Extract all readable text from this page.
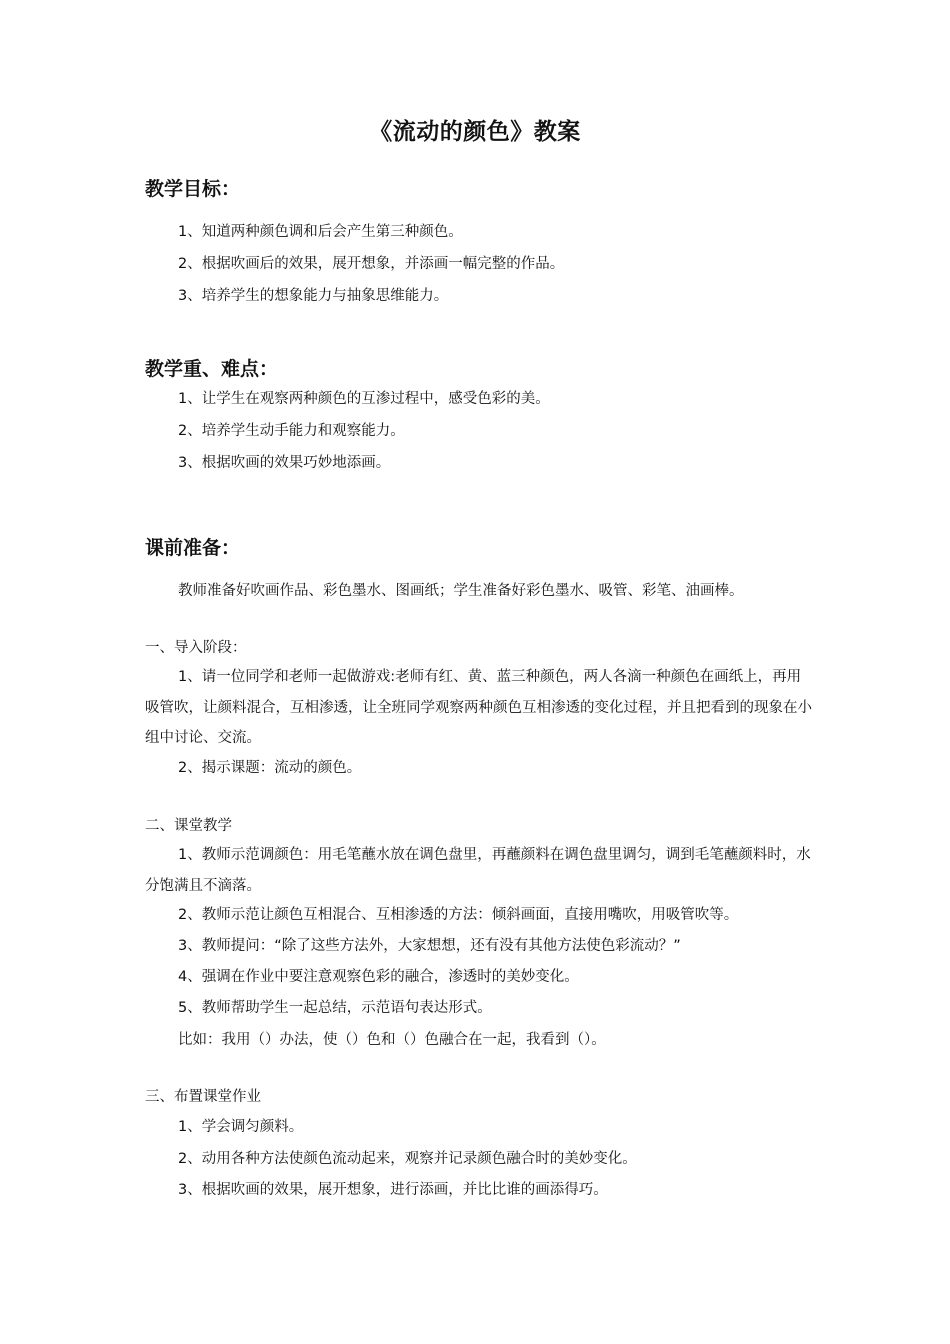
《流动的颜色》教案
教学目标：
1、知道两种颜色调和后会产生第三种颜色。
2、根据吹画后的效果，展开想象，并添画一幅完整的作品。
3、培养学生的想象能力与抽象思维能力。
教学重、难点：
1、让学生在观察两种颜色的互渗过程中，感受色彩的美。
2、培养学生动手能力和观察能力。
3、根据吹画的效果巧妙地添画。
课前准备：
教师准备好吹画作品、彩色墨水、图画纸；学生准备好彩色墨水、吸管、彩笔、油画棒。
一、导入阶段：
1、请一位同学和老师一起做游戏:老师有红、黄、蓝三种颜色，两人各滴一种颜色在画纸上，再用吸管吹，让颜料混合，互相渗透，让全班同学观察两种颜色互相渗透的变化过程，并且把看到的现象在小组中讨论、交流。
2、揭示课题：流动的颜色。
二、课堂教学
1、教师示范调颜色：用毛笔蘸水放在调色盘里，再蘸颜料在调色盘里调匀，调到毛笔蘸颜料时，水分饱满且不滴落。
2、教师示范让颜色互相混合、互相渗透的方法：倾斜画面，直接用嘴吹，用吸管吹等。
3、教师提问：“除了这些方法外，大家想想，还有没有其他方法使色彩流动？”
4、强调在作业中要注意观察色彩的融合，渗透时的美妙变化。
5、教师帮助学生一起总结，示范语句表达形式。
比如：我用（）办法，使（）色和（）色融合在一起，我看到（）。
三、布置课堂作业
1、学会调匀颜料。
2、动用各种方法使颜色流动起来，观察并记录颜色融合时的美妙变化。
3、根据吹画的效果，展开想象，进行添画，并比比谁的画添得巧。
